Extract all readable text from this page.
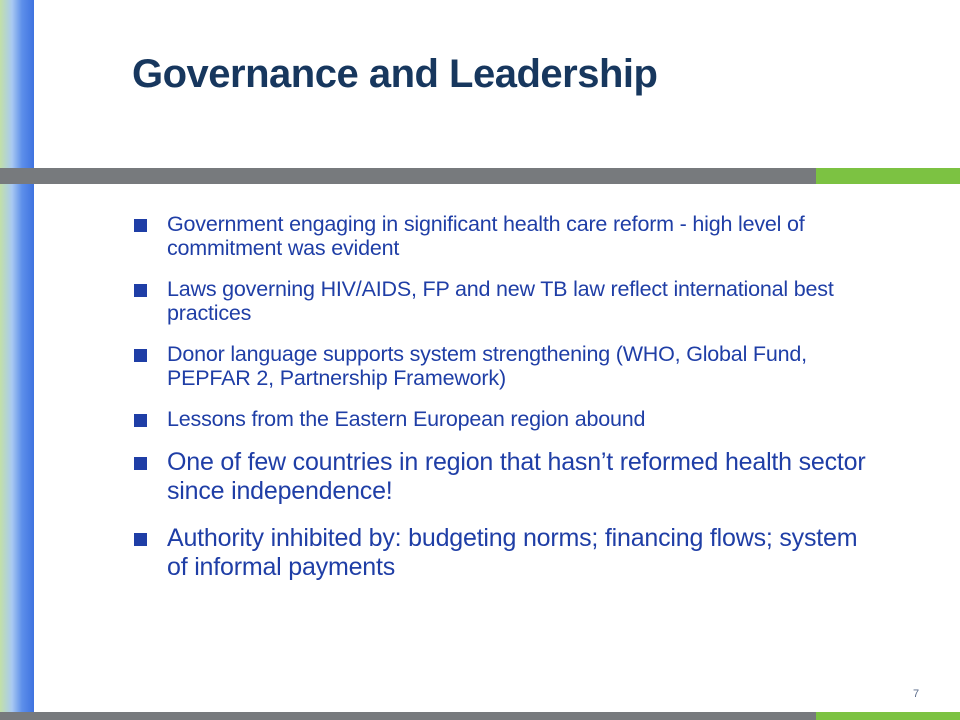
Governance and Leadership
Government engaging in significant health care reform - high level of commitment was evident
Laws governing HIV/AIDS, FP and new TB law reflect international best practices
Donor language supports system strengthening (WHO, Global Fund, PEPFAR 2, Partnership Framework)
Lessons from the Eastern European region abound
One of few countries in region that hasn’t reformed health sector since independence!
Authority inhibited by: budgeting norms; financing flows; system of informal payments
7
